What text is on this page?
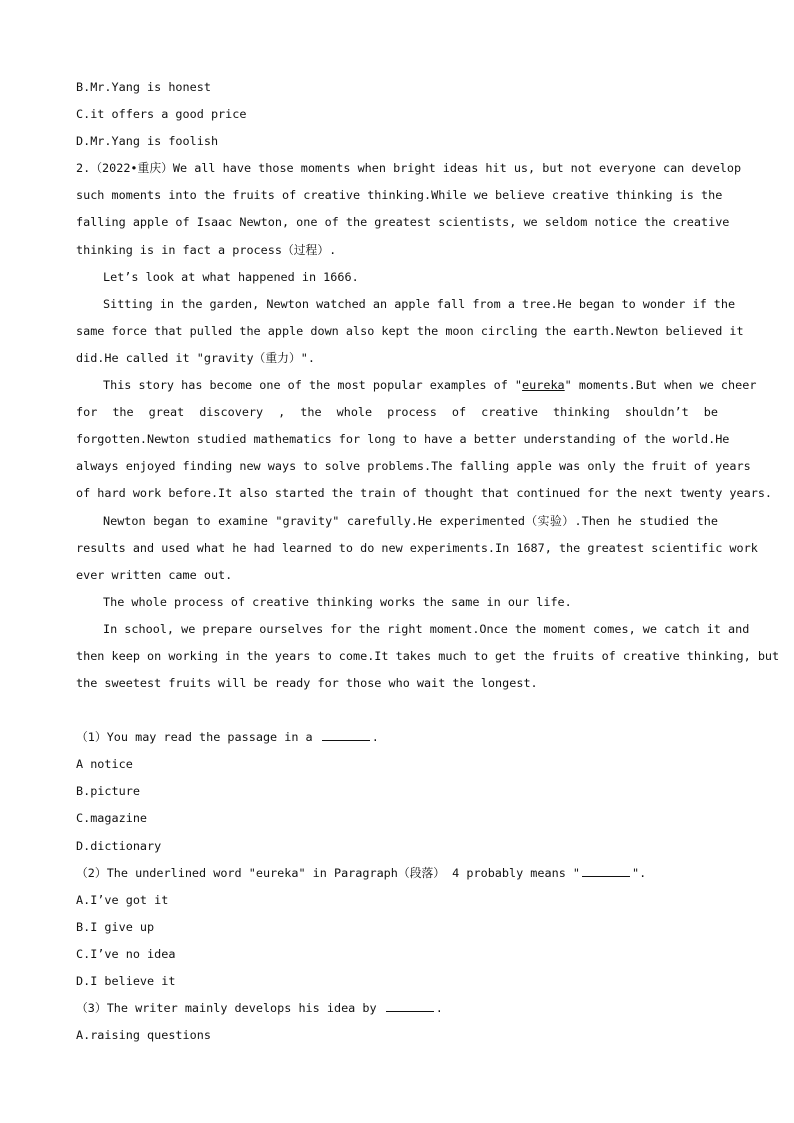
B.Mr.Yang is honest
C.it offers a good price
D.Mr.Yang is foolish
2.（2022•重庆）We all have those moments when bright ideas hit us, but not everyone can develop
such moments into the fruits of creative thinking.While we believe creative thinking is the
falling apple of Isaac Newton, one of the greatest scientists, we seldom notice the creative
thinking is in fact a process（过程）.
Let’s look at what happened in 1666.
Sitting in the garden, Newton watched an apple fall from a tree.He began to wonder if the
same force that pulled the apple down also kept the moon circling the earth.Newton believed it
did.He called it "gravity（重力）".
This story has become one of the most popular examples of "eureka" moments.But when we cheer
for the great discovery , the whole process of creative thinking shouldn’t be
forgotten.Newton studied mathematics for long to have a better understanding of the world.He
always enjoyed finding new ways to solve problems.The falling apple was only the fruit of years
of hard work before.It also started the train of thought that continued for the next twenty years.
Newton began to examine "gravity" carefully.He experimented（实验）.Then he studied the
results and used what he had learned to do new experiments.In 1687, the greatest scientific work
ever written came out.
The whole process of creative thinking works the same in our life.
In school, we prepare ourselves for the right moment.Once the moment comes, we catch it and
then keep on working in the years to come.It takes much to get the fruits of creative thinking, but
the sweetest fruits will be ready for those who wait the longest.
（1）You may read the passage in a	.
A notice
B.picture
C.magazine
D.dictionary
（2）The underlined word "eureka" in Paragraph（段落） 4 probably means "	".
A.I’ve got it
B.I give up
C.I’ve no idea
D.I believe it
（3）The writer mainly develops his idea by	.
A.raising questions
